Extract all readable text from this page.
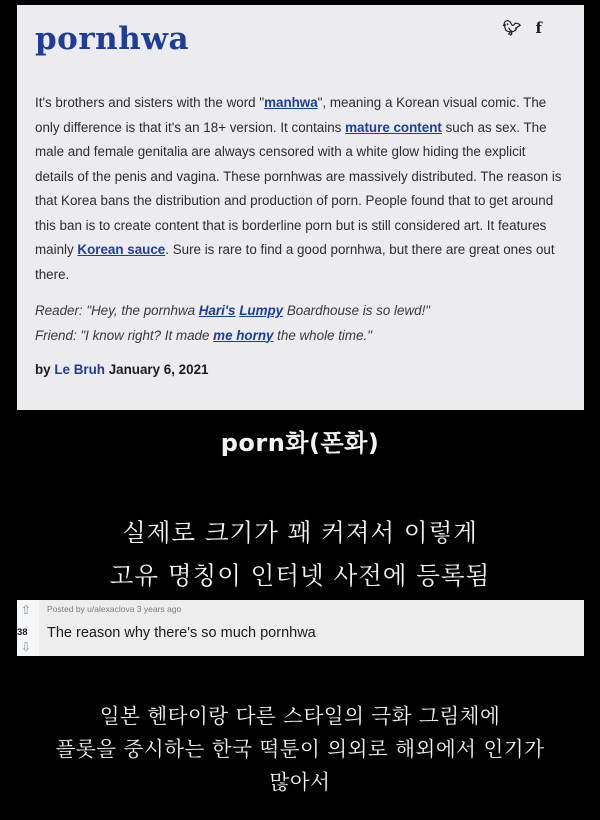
pornhwa	🐦︎ f
It's brothers and sisters with the word "manhwa", meaning a Korean visual comic. The only difference is that it's an 18+ version. It contains mature content such as sex. The male and female genitalia are always censored with a white glow hiding the explicit details of the penis and vagina. These pornhwas are massively distributed. The reason is that Korea bans the distribution and production of porn. People found that to get around this ban is to create content that is borderline porn but is still considered art. It features mainly Korean sauce. Sure is rare to find a good pornhwa, but there are great ones out there.
Reader: "Hey, the pornhwa Hari's Lumpy Boardhouse is so lewd!"
Friend: "I know right? It made me horny the whole time."
by Le Bruh January 6, 2021
porn화(폰화)
실제로 크기가 꽤 커져서 이렇게
고유 명칭이 인터넷 사전에 등록됨
⇧
38
⇩
Posted by u/alexaclova 3 years ago
The reason why there's so much pornhwa
일본 헨타이랑 다른 스타일의 극화 그림체에
플롯을 중시하는 한국 떡툰이 의외로 해외에서 인기가
많아서
